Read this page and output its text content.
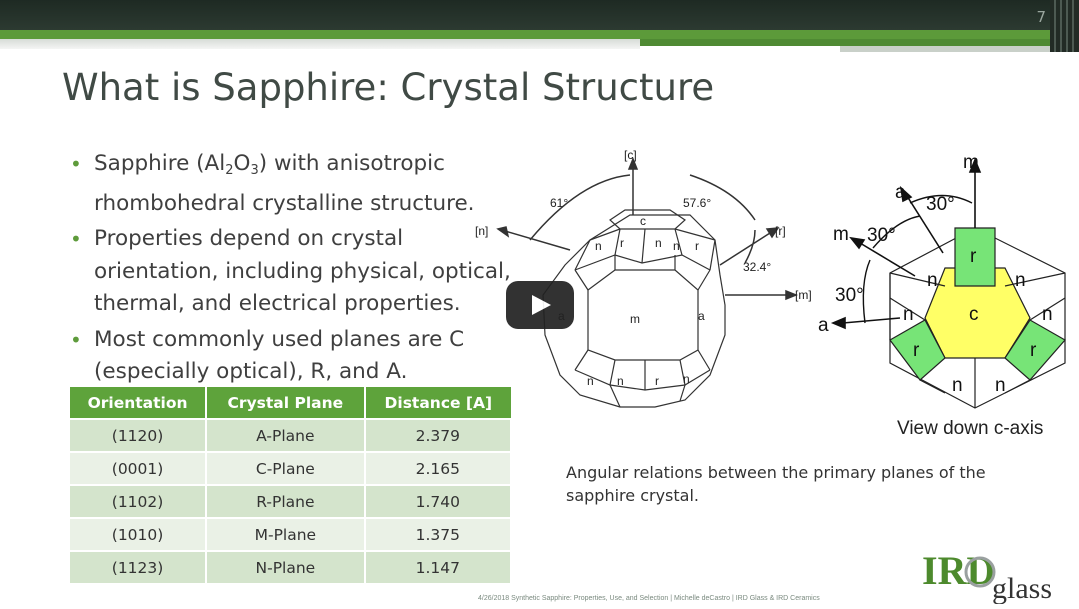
7
What is Sapphire: Crystal Structure
• Sapphire $(Al_2O_3)$ with anisotropic rhombohedral crystalline structure.
• Properties depend on crystal orientation, including physical, optical, thermal, and electrical properties.
• Most commonly used planes are C (especially optical), R, and A.
Orientation	Crystal Plane	Distance [A]
(1120)	A-Plane	2.379
(0001)	C-Plane	2.165
(1102)	R-Plane	1.740
(1010)	M-Plane	1.375
(1123)	N-Plane	1.147
[c]
[n]	[r]
[m]
61°	57.6°
32.4°
c
n r	n n r
m	a
n n	r n
m
a
30°
m 30°
30°
a
c
r
r	r
n	n
n	n
n n
View down c-axis
Angular relations between the primary planes of the sapphire crystal.
4/26/2018 Synthetic Sapphire: Properties, Use, and Selection | Michelle deCastro | IRD Glass & IRD Ceramics
IRD
glass
